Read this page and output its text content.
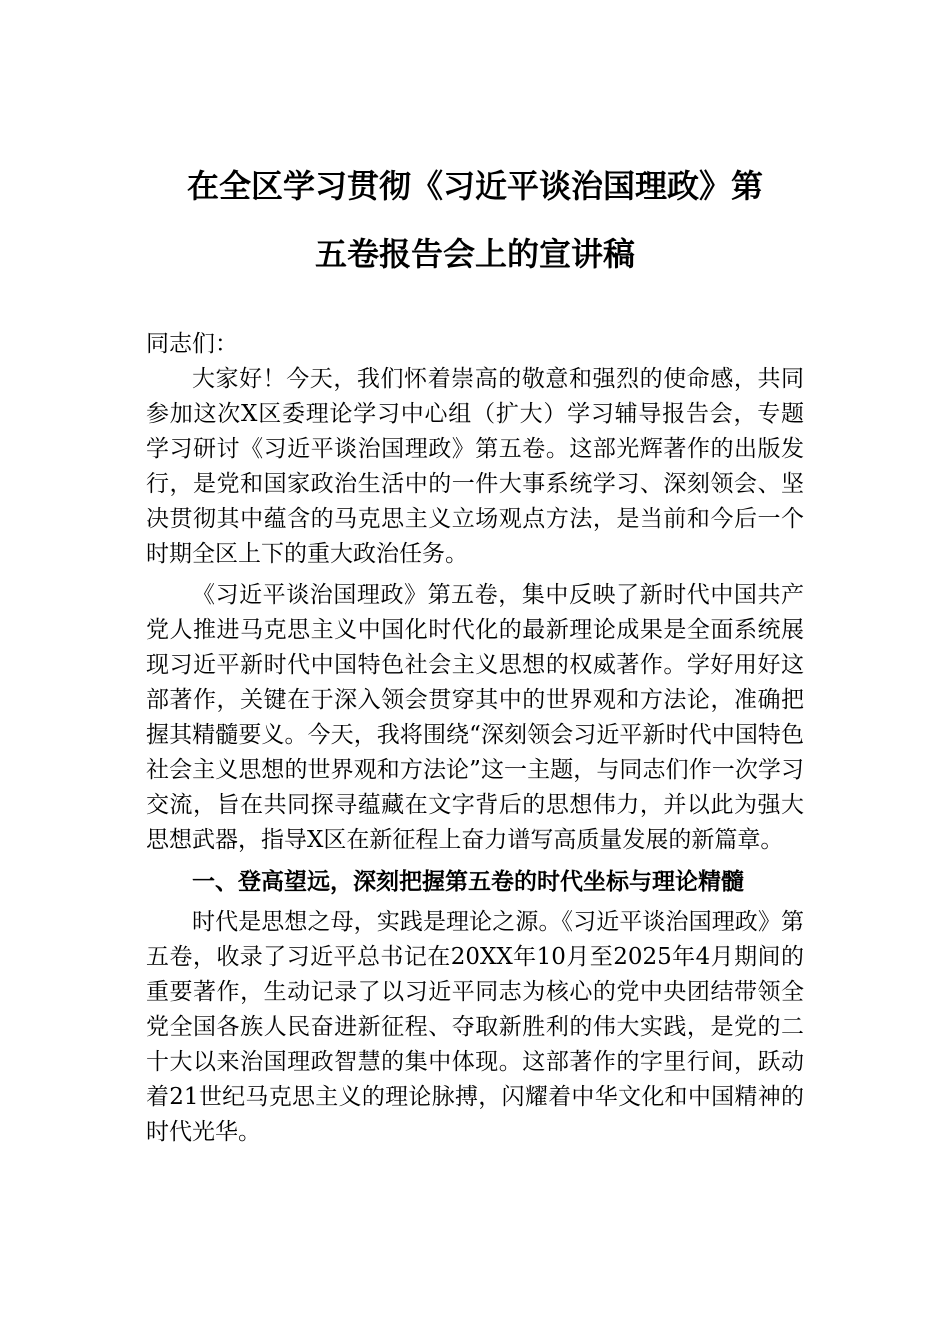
在全区学习贯彻《习近平谈治国理政》第
五卷报告会上的宣讲稿

同志们：

大家好！今天，我们怀着崇高的敬意和强烈的使命感，共同参加这次X区委理论学习中心组（扩大）学习辅导报告会，专题学习研讨《习近平谈治国理政》第五卷。这部光辉著作的出版发行，是党和国家政治生活中的一件大事系统学习、深刻领会、坚决贯彻其中蕴含的马克思主义立场观点方法，是当前和今后一个时期全区上下的重大政治任务。

《习近平谈治国理政》第五卷，集中反映了新时代中国共产党人推进马克思主义中国化时代化的最新理论成果是全面系统展现习近平新时代中国特色社会主义思想的权威著作。学好用好这部著作，关键在于深入领会贯穿其中的世界观和方法论，准确把握其精髓要义。今天，我将围绕“深刻领会习近平新时代中国特色社会主义思想的世界观和方法论”这一主题，与同志们作一次学习交流，旨在共同探寻蕴藏在文字背后的思想伟力，并以此为强大思想武器，指导X区在新征程上奋力谱写高质量发展的新篇章。

一、登高望远，深刻把握第五卷的时代坐标与理论精髓

时代是思想之母，实践是理论之源。《习近平谈治国理政》第五卷，收录了习近平总书记在20XX年10月至2025年4月期间的重要著作，生动记录了以习近平同志为核心的党中央团结带领全党全国各族人民奋进新征程、夺取新胜利的伟大实践，是党的二十大以来治国理政智慧的集中体现。这部著作的字里行间，跃动着21世纪马克思主义的理论脉搏，闪耀着中华文化和中国精神的时代光华。
